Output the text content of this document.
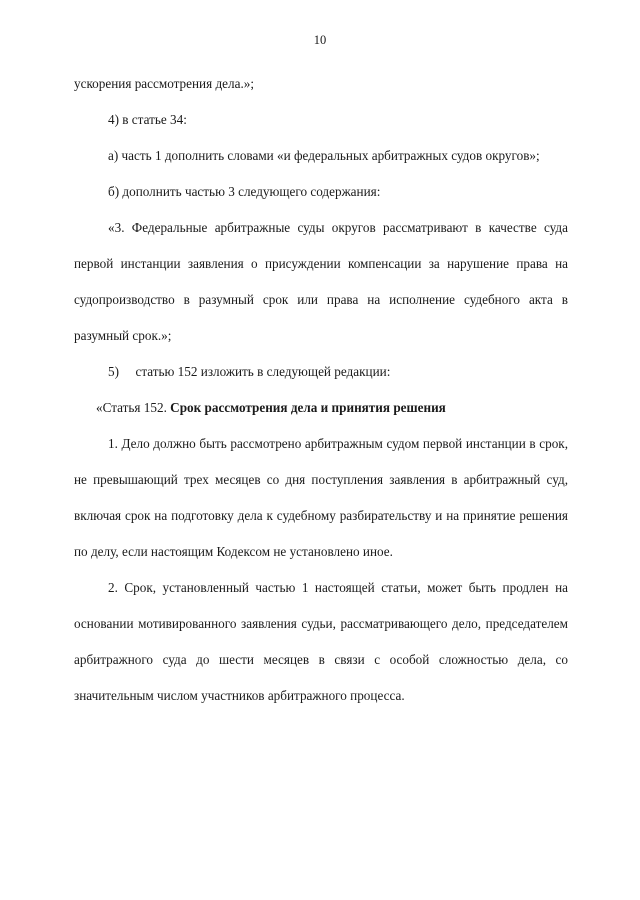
10

ускорения рассмотрения дела.»;

4) в статье 34:

а) часть 1 дополнить словами «и федеральных арбитражных судов округов»;

б) дополнить частью 3 следующего содержания:

«3. Федеральные арбитражные суды округов рассматривают в качестве суда первой инстанции заявления о присуждении компенсации за нарушение права на судопроизводство в разумный срок или права на исполнение судебного акта в разумный срок.»;

5)  статью 152 изложить в следующей редакции:

«Статья 152. Срок рассмотрения дела и принятия решения

1. Дело должно быть рассмотрено арбитражным судом первой инстанции в срок, не превышающий трех месяцев со дня поступления заявления в арбитражный суд, включая срок на подготовку дела к судебному разбирательству и на принятие решения по делу, если настоящим Кодексом не установлено иное.

2. Срок, установленный частью 1 настоящей статьи, может быть продлен на основании мотивированного заявления судьи, рассматривающего дело, председателем арбитражного суда до шести месяцев в связи с особой сложностью дела, со значительным числом участников арбитражного процесса.
